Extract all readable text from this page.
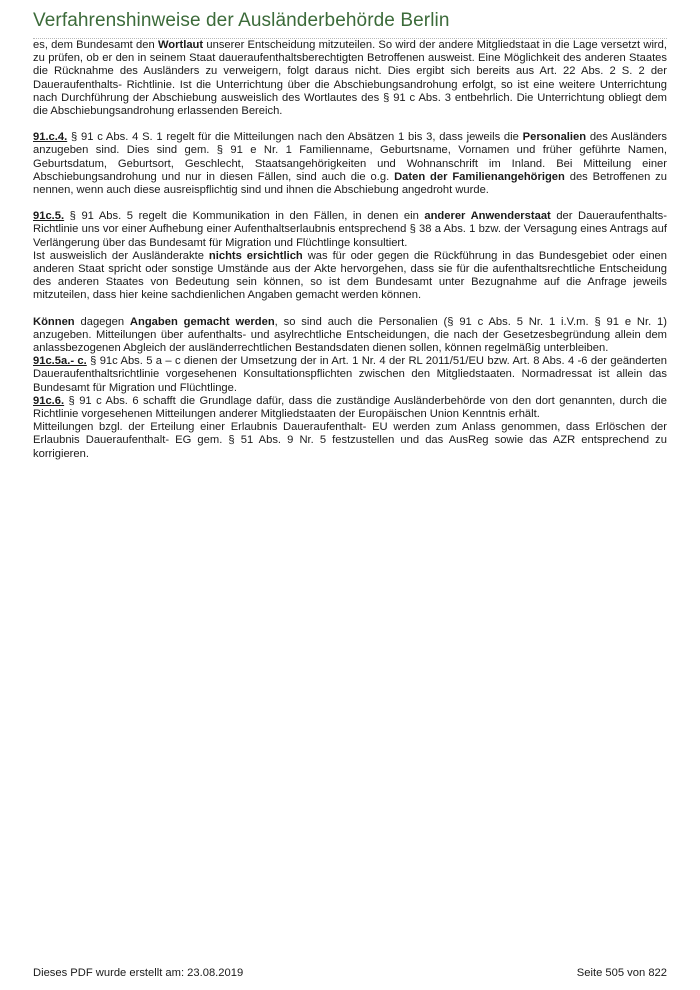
Verfahrenshinweise der Ausländerbehörde Berlin

es, dem Bundesamt den Wortlaut unserer Entscheidung mitzuteilen. So wird der andere Mitgliedstaat in die Lage versetzt wird, zu prüfen, ob er den in seinem Staat daueraufenthaltsberechtigten Betroffenen ausweist. Eine Möglichkeit des anderen Staates die Rücknahme des Ausländers zu verweigern, folgt daraus nicht. Dies ergibt sich bereits aus Art. 22 Abs. 2 S. 2 der Daueraufenthalts- Richtlinie. Ist die Unterrichtung über die Abschiebungsandrohung erfolgt, so ist eine weitere Unterrichtung nach Durchführung der Abschiebung ausweislich des Wortlautes des § 91 c Abs. 3 entbehrlich. Die Unterrichtung obliegt dem die Abschiebungsandrohung erlassenden Bereich.

91.c.4. § 91 c Abs. 4 S. 1 regelt für die Mitteilungen nach den Absätzen 1 bis 3, dass jeweils die Personalien des Ausländers anzugeben sind. Dies sind gem. § 91 e Nr. 1 Familienname, Geburtsname, Vornamen und früher geführte Namen, Geburtsdatum, Geburtsort, Geschlecht, Staatsangehörigkeiten und Wohnanschrift im Inland. Bei Mitteilung einer Abschiebungsandrohung und nur in diesen Fällen, sind auch die o.g. Daten der Familienangehörigen des Betroffenen zu nennen, wenn auch diese ausreispflichtig sind und ihnen die Abschiebung angedroht wurde.

91c.5. § 91 Abs. 5 regelt die Kommunikation in den Fällen, in denen ein anderer Anwenderstaat der Daueraufenthalts-Richtlinie uns vor einer Aufhebung einer Aufenthaltserlaubnis entsprechend § 38 a Abs. 1 bzw. der Versagung eines Antrags auf Verlängerung über das Bundesamt für Migration und Flüchtlinge konsultiert.

Ist ausweislich der Ausländerakte nichts ersichtlich was für oder gegen die Rückführung in das Bundesgebiet oder einen anderen Staat spricht oder sonstige Umstände aus der Akte hervorgehen, dass sie für die aufenthaltsrechtliche Entscheidung des anderen Staates von Bedeutung sein können, so ist dem Bundesamt unter Bezugnahme auf die Anfrage jeweils mitzuteilen, dass hier keine sachdienlichen Angaben gemacht werden können.

Können dagegen Angaben gemacht werden, so sind auch die Personalien (§ 91 c Abs. 5 Nr. 1 i.V.m. § 91 e Nr. 1) anzugeben. Mitteilungen über aufenthalts- und asylrechtliche Entscheidungen, die nach der Gesetzesbegründung allein dem anlassbezogenen Abgleich der ausländerrechtlichen Bestandsdaten dienen sollen, können regelmäßig unterbleiben.

91c.5a.- c. § 91c Abs. 5 a – c dienen der Umsetzung der in Art. 1 Nr. 4 der RL 2011/51/EU bzw. Art. 8 Abs. 4 -6 der geänderten Daueraufenthaltsrichtlinie vorgesehenen Konsultationspflichten zwischen den Mitgliedstaaten. Normadressat ist allein das Bundesamt für Migration und Flüchtlinge.

91c.6. § 91 c Abs. 6 schafft die Grundlage dafür, dass die zuständige Ausländerbehörde von den dort genannten, durch die Richtlinie vorgesehenen Mitteilungen anderer Mitgliedstaaten der Europäischen Union Kenntnis erhält.

Mitteilungen bzgl. der Erteilung einer Erlaubnis Daueraufenthalt- EU werden zum Anlass genommen, dass Erlöschen der Erlaubnis Daueraufenthalt- EG gem. § 51 Abs. 9 Nr. 5 festzustellen und das AusReg sowie das AZR entsprechend zu korrigieren.

Dieses PDF wurde erstellt am: 23.08.2019	Seite 505 von 822
